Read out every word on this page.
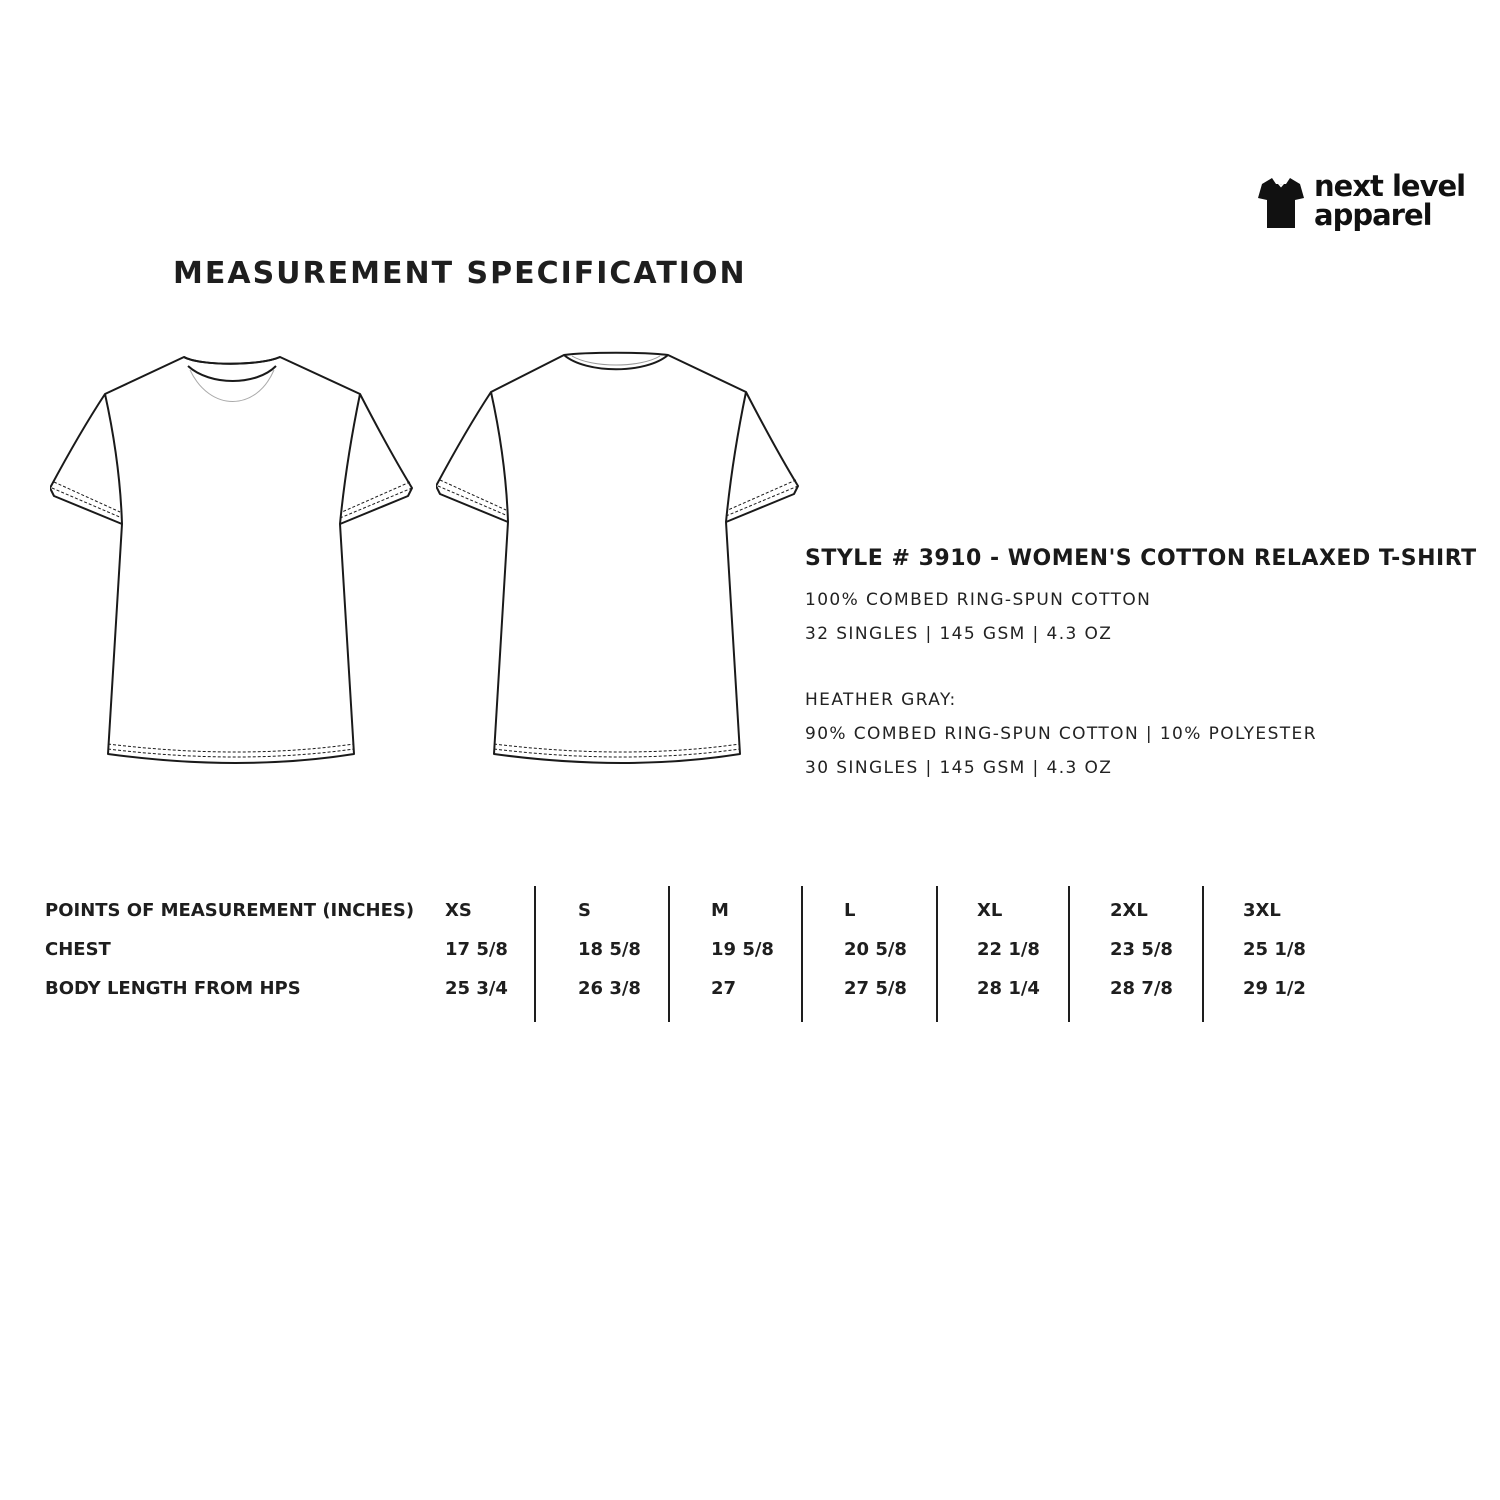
next level
apparel
MEASUREMENT SPECIFICATION
STYLE # 3910 - WOMEN'S COTTON RELAXED T-SHIRT
100% COMBED RING-SPUN COTTON
32 SINGLES | 145 GSM | 4.3 OZ
HEATHER GRAY:
90% COMBED RING-SPUN COTTON | 10% POLYESTER
30 SINGLES | 145 GSM | 4.3 OZ
POINTS OF MEASUREMENT (INCHES) XS	S	M	L	XL	2XL	3XL
CHEST	17 5/8	18 5/8	19 5/8	20 5/8	22 1/8	23 5/8	25 1/8
BODY LENGTH FROM HPS	25 3/4	26 3/8	27	27 5/8	28 1/4	28 7/8	29 1/2
